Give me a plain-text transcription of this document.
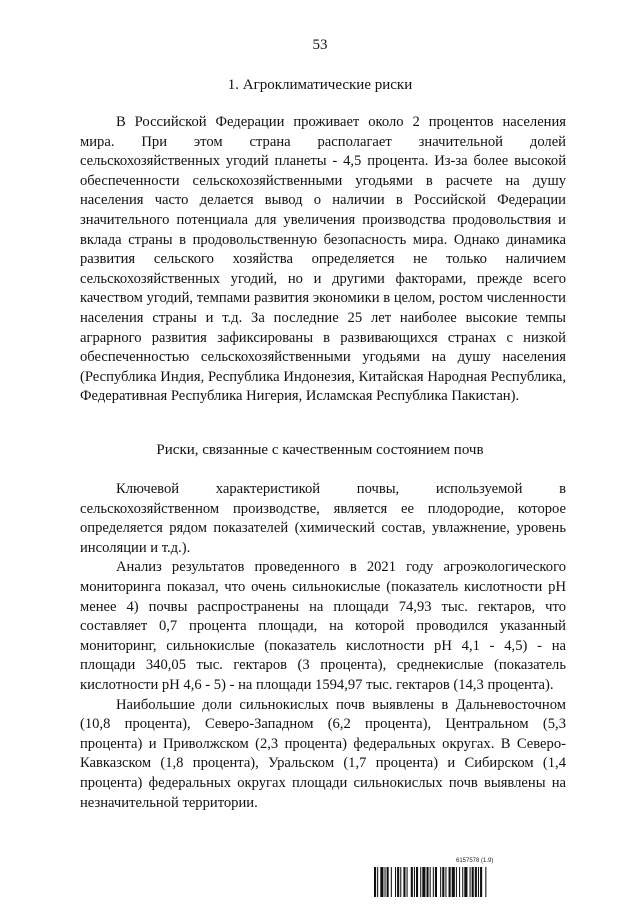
53
1. Агроклиматические риски

В Российской Федерации проживает около 2 процентов населения мира. При этом страна располагает значительной долей сельскохозяйственных угодий планеты - 4,5 процента. Из-за более высокой обеспеченности сельскохозяйственными угодьями в расчете на душу населения часто делается вывод о наличии в Российской Федерации значительного потенциала для увеличения производства продовольствия и вклада страны в продовольственную безопасность мира. Однако динамика развития сельского хозяйства определяется не только наличием сельскохозяйственных угодий, но и другими факторами, прежде всего качеством угодий, темпами развития экономики в целом, ростом численности населения страны и т.д. За последние 25 лет наиболее высокие темпы аграрного развития зафиксированы в развивающихся странах с низкой обеспеченностью сельскохозяйственными угодьями на душу населения (Республика Индия, Республика Индонезия, Китайская Народная Республика, Федеративная Республика Нигерия, Исламская Республика Пакистан).

Риски, связанные с качественным состоянием почв

Ключевой характеристикой почвы, используемой в сельскохозяйственном производстве, является ее плодородие, которое определяется рядом показателей (химический состав, увлажнение, уровень инсоляции и т.д.).

Анализ результатов проведенного в 2021 году агроэкологического мониторинга показал, что очень сильнокислые (показатель кислотности pH менее 4) почвы распространены на площади 74,93 тыс. гектаров, что составляет 0,7 процента площади, на которой проводился указанный мониторинг, сильнокислые (показатель кислотности pH 4,1 - 4,5) - на площади 340,05 тыс. гектаров (3 процента), среднекислые (показатель кислотности pH 4,6 - 5) - на площади 1594,97 тыс. гектаров (14,3 процента).

Наибольшие доли сильнокислых почв выявлены в Дальневосточном (10,8 процента), Северо-Западном (6,2 процента), Центральном (5,3 процента) и Приволжском (2,3 процента) федеральных округах. В Северо-Кавказском (1,8 процента), Уральском (1,7 процента) и Сибирском (1,4 процента) федеральных округах площади сильнокислых почв выявлены на незначительной территории.

6157578 (1.9)
